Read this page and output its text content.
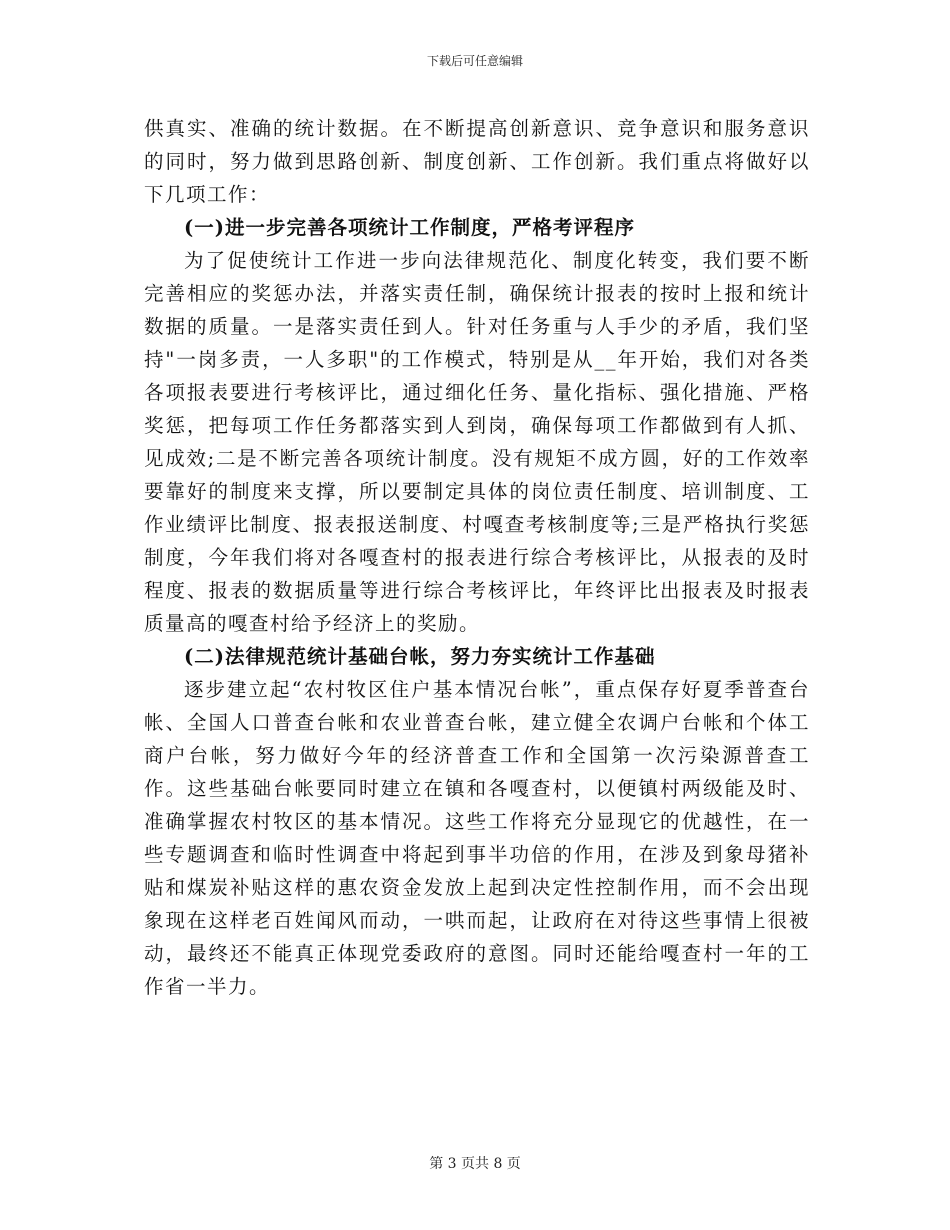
下载后可任意编辑

供真实、准确的统计数据。在不断提高创新意识、竞争意识和服务意识的同时，努力做到思路创新、制度创新、工作创新。我们重点将做好以下几项工作：

(一)进一步完善各项统计工作制度，严格考评程序

为了促使统计工作进一步向法律规范化、制度化转变，我们要不断完善相应的奖惩办法，并落实责任制，确保统计报表的按时上报和统计数据的质量。一是落实责任到人。针对任务重与人手少的矛盾，我们坚持"一岗多责，一人多职"的工作模式，特别是从__年开始，我们对各类各项报表要进行考核评比，通过细化任务、量化指标、强化措施、严格奖惩，把每项工作任务都落实到人到岗，确保每项工作都做到有人抓、见成效;二是不断完善各项统计制度。没有规矩不成方圆，好的工作效率要靠好的制度来支撑，所以要制定具体的岗位责任制度、培训制度、工作业绩评比制度、报表报送制度、村嘎查考核制度等;三是严格执行奖惩制度，今年我们将对各嘎查村的报表进行综合考核评比，从报表的及时程度、报表的数据质量等进行综合考核评比，年终评比出报表及时报表质量高的嘎查村给予经济上的奖励。

(二)法律规范统计基础台帐，努力夯实统计工作基础

逐步建立起“农村牧区住户基本情况台帐”，重点保存好夏季普查台帐、全国人口普查台帐和农业普查台帐，建立健全农调户台帐和个体工商户台帐，努力做好今年的经济普查工作和全国第一次污染源普查工作。这些基础台帐要同时建立在镇和各嘎查村，以便镇村两级能及时、准确掌握农村牧区的基本情况。这些工作将充分显现它的优越性，在一些专题调查和临时性调查中将起到事半功倍的作用，在涉及到象母猪补贴和煤炭补贴这样的惠农资金发放上起到决定性控制作用，而不会出现象现在这样老百姓闻风而动，一哄而起，让政府在对待这些事情上很被动，最终还不能真正体现党委政府的意图。同时还能给嘎查村一年的工作省一半力。

第 3 页共 8 页
